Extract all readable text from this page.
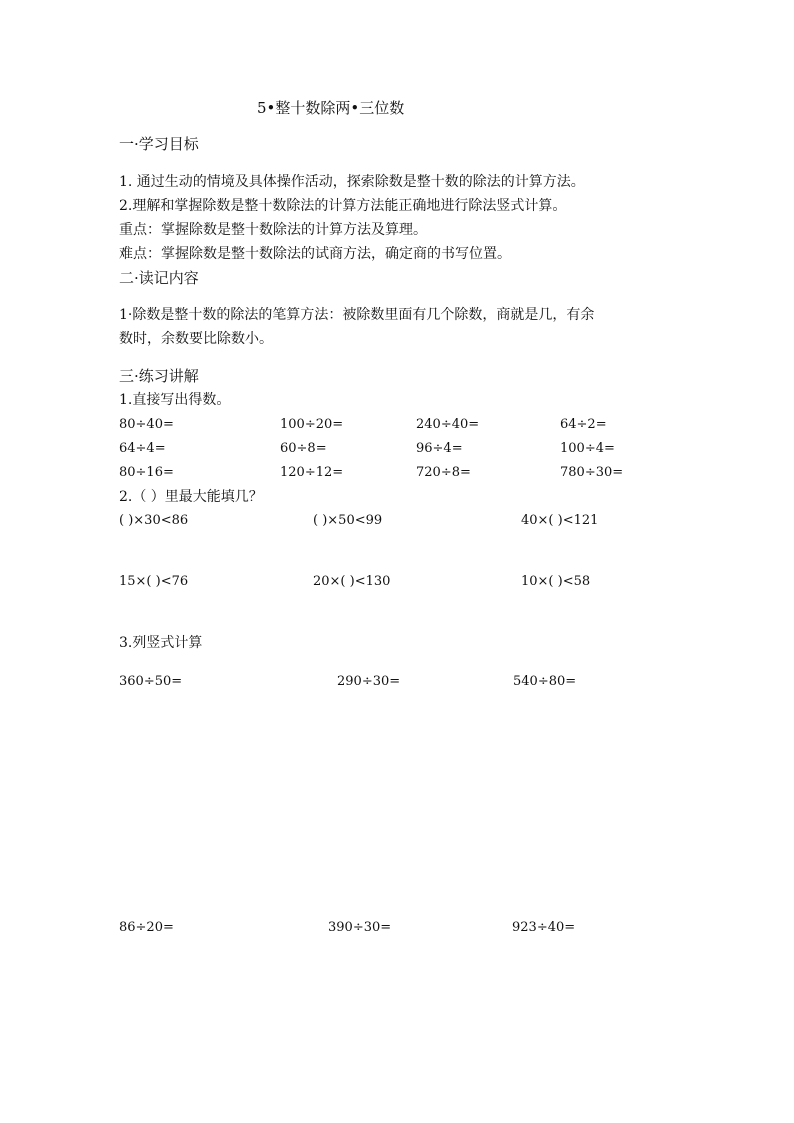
5•整十数除两•三位数
一·学习目标
1. 通过生动的情境及具体操作活动，探索除数是整十数的除法的计算方法。
2.理解和掌握除数是整十数除法的计算方法能正确地进行除法竖式计算。
重点：掌握除数是整十数除法的计算方法及算理。
难点：掌握除数是整十数除法的试商方法，确定商的书写位置。
二·读记内容
1·除数是整十数的除法的笔算方法：被除数里面有几个除数，商就是几，有余
数时，余数要比除数小。
三·练习讲解
1.直接写出得数。
80÷40=	100÷20=	240÷40=	64÷2=
64÷4=	60÷8=	96÷4=	100÷4=
80÷16=	120÷12=	720÷8=	780÷30=
2.（ ）里最大能填几？
( )×30<86	( )×50<99	40×( )<121
15×( )<76	20×( )<130	10×( )<58
3.列竖式计算
360÷50=	290÷30=	540÷80=
86÷20=	390÷30=	923÷40=
